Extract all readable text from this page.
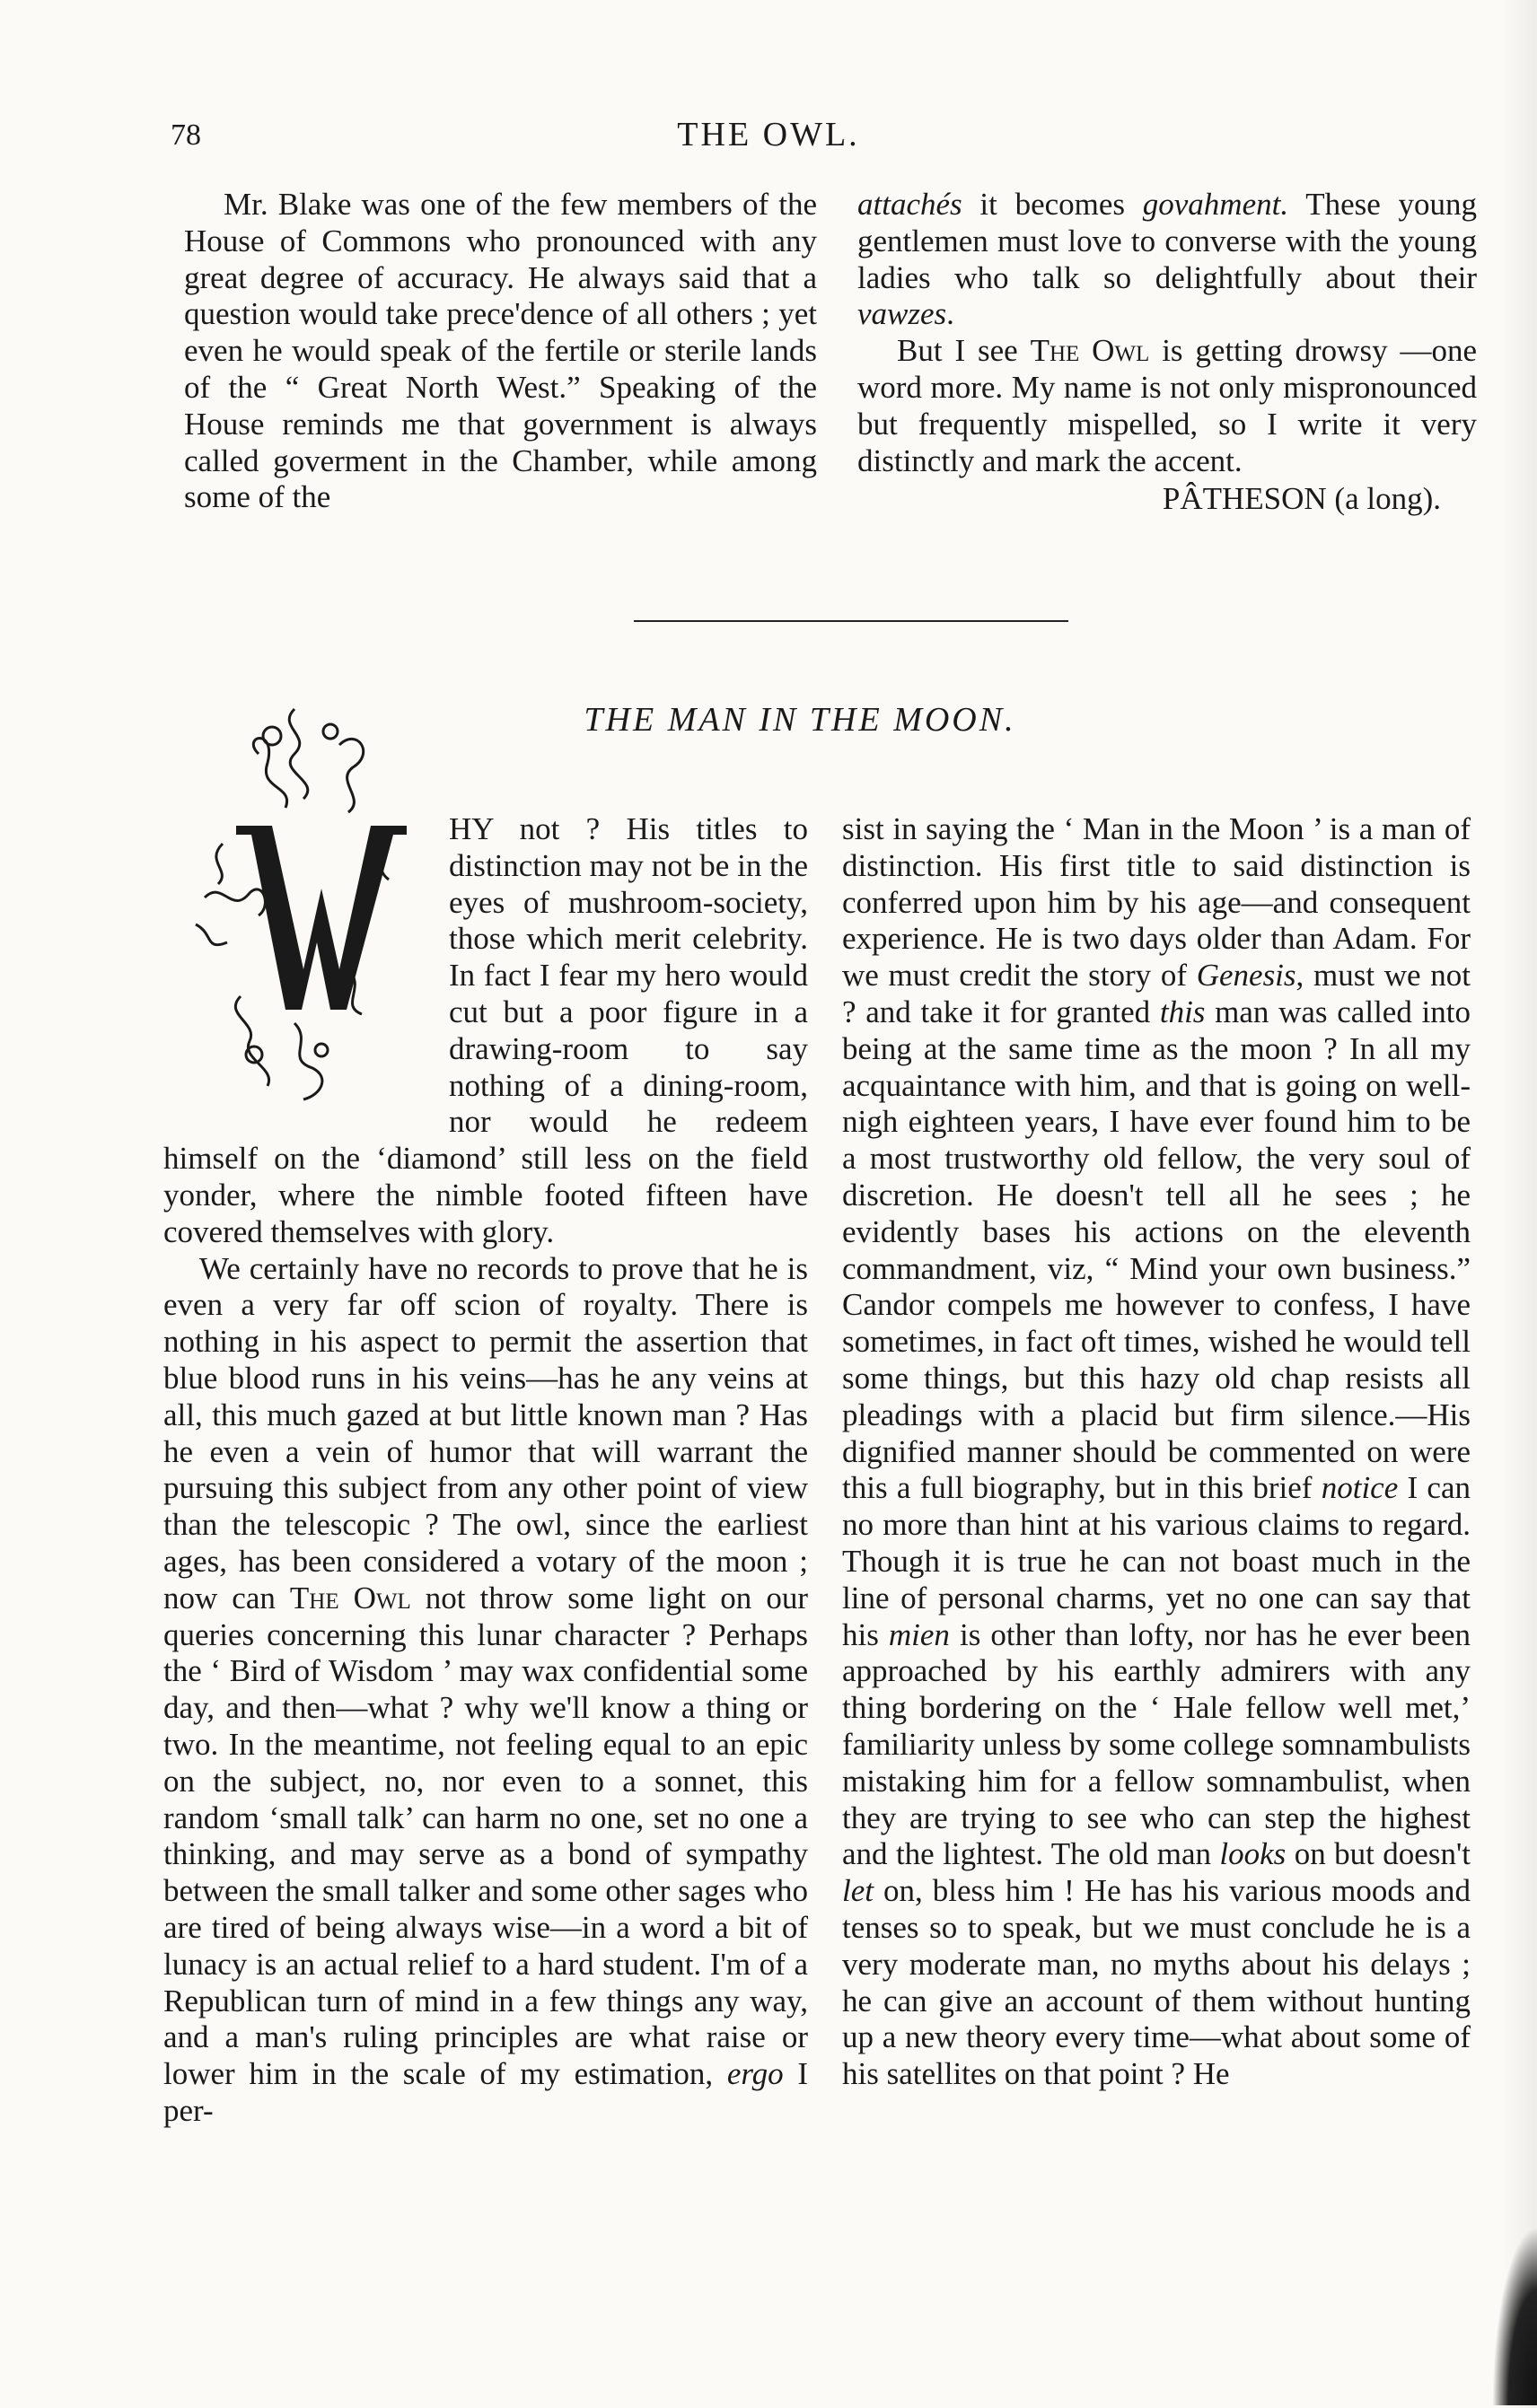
78	THE OWL.

Mr. Blake was one of the few members of the House of Commons who pronounced with any great degree of accuracy. He always said that a question would take prece'dence of all others ; yet even he would speak of the fertile or sterile lands of the “ Great North West.” Speaking of the House reminds me that government is always called goverment in the Chamber, while among some of the

attachés it becomes govahment. These young gentlemen must love to converse with the young ladies who talk so delightfully about their vawzes.

But I see The Owl is getting drowsy —one word more. My name is not only mispronounced but frequently mispelled, so I write it very distinctly and mark the accent.

PÂTHESON (a long).

THE MAN IN THE MOON.

HY not ? His titles to distinction may not be in the eyes of mushroom-society, those which merit celebrity. In fact I fear my hero would cut but a poor figure in a drawing-room to say nothing of a dining-room, nor would he redeem himself on the ‘diamond’ still less on the field yonder, where the nimble footed fifteen have covered themselves with glory.

We certainly have no records to prove that he is even a very far off scion of royalty. There is nothing in his aspect to permit the assertion that blue blood runs in his veins—has he any veins at all, this much gazed at but little known man ? Has he even a vein of humor that will warrant the pursuing this subject from any other point of view than the telescopic ? The owl, since the earliest ages, has been considered a votary of the moon ; now can The Owl not throw some light on our queries concerning this lunar character ? Perhaps the ‘ Bird of Wisdom ’ may wax confidential some day, and then—what ? why we'll know a thing or two. In the meantime, not feeling equal to an epic on the subject, no, nor even to a sonnet, this random ‘small talk’ can harm no one, set no one a thinking, and may serve as a bond of sympathy between the small talker and some other sages who are tired of being always wise—in a word a bit of lunacy is an actual relief to a hard student. I'm of a Republican turn of mind in a few things any way, and a man's ruling principles are what raise or lower him in the scale of my estimation, ergo I per-

sist in saying the ‘ Man in the Moon ’ is a man of distinction. His first title to said distinction is conferred upon him by his age—and consequent experience. He is two days older than Adam. For we must credit the story of Genesis, must we not ? and take it for granted this man was called into being at the same time as the moon ? In all my acquaintance with him, and that is going on well-nigh eighteen years, I have ever found him to be a most trustworthy old fellow, the very soul of discretion. He doesn't tell all he sees ; he evidently bases his actions on the eleventh commandment, viz, “ Mind your own business.” Candor compels me however to confess, I have sometimes, in fact oft times, wished he would tell some things, but this hazy old chap resists all pleadings with a placid but firm silence.—His dignified manner should be commented on were this a full biography, but in this brief notice I can no more than hint at his various claims to regard. Though it is true he can not boast much in the line of personal charms, yet no one can say that his mien is other than lofty, nor has he ever been approached by his earthly admirers with any thing bordering on the ‘ Hale fellow well met,’ familiarity unless by some college somnambulists mistaking him for a fellow somnambulist, when they are trying to see who can step the highest and the lightest. The old man looks on but doesn't let on, bless him ! He has his various moods and tenses so to speak, but we must conclude he is a very moderate man, no myths about his delays ; he can give an account of them without hunting up a new theory every time—what about some of his satellites on that point ? He
